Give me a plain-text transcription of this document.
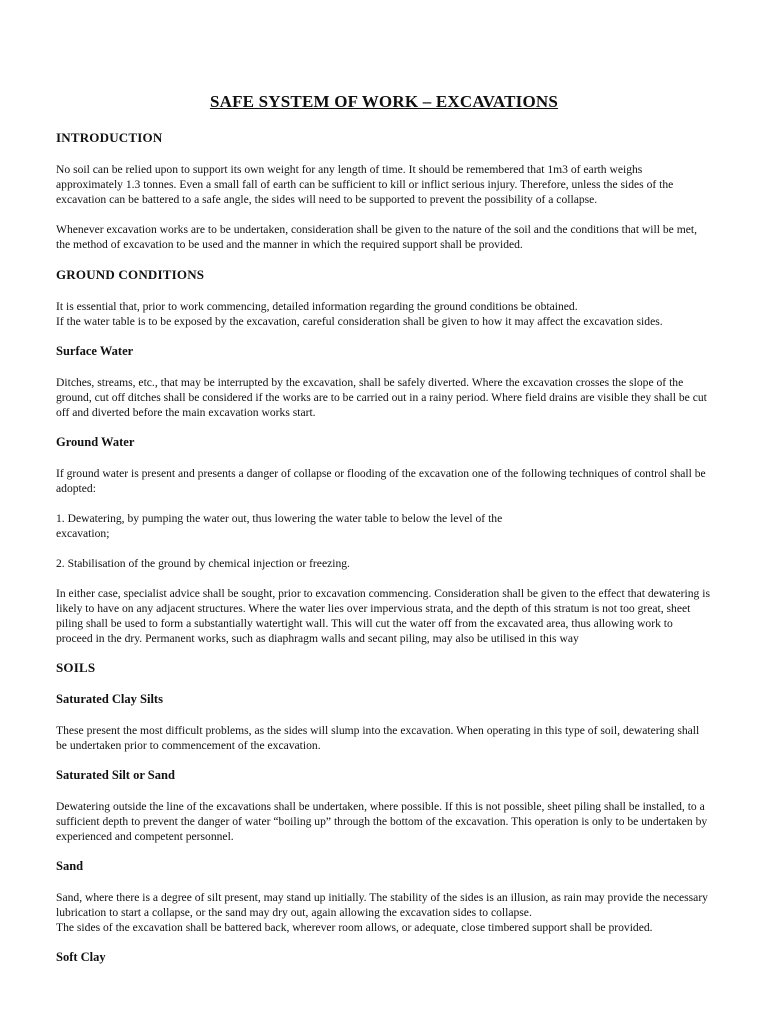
SAFE SYSTEM OF WORK – EXCAVATIONS
INTRODUCTION

No soil can be relied upon to support its own weight for any length of time. It should be remembered that 1m3 of earth weighs approximately 1.3 tonnes. Even a small fall of earth can be sufficient to kill or inflict serious injury. Therefore, unless the sides of the excavation can be battered to a safe angle, the sides will need to be supported to prevent the possibility of a collapse.

Whenever excavation works are to be undertaken, consideration shall be given to the nature of the soil and the conditions that will be met, the method of excavation to be used and the manner in which the required support shall be provided.

GROUND CONDITIONS

It is essential that, prior to work commencing, detailed information regarding the ground conditions be obtained.
If the water table is to be exposed by the excavation, careful consideration shall be given to how it may affect the excavation sides.

Surface Water

Ditches, streams, etc., that may be interrupted by the excavation, shall be safely diverted. Where the excavation crosses the slope of the ground, cut off ditches shall be considered if the works are to be carried out in a rainy period. Where field drains are visible they shall be cut off and diverted before the main excavation works start.

Ground Water

If ground water is present and presents a danger of collapse or flooding of the excavation one of the following techniques of control shall be adopted:

1. Dewatering, by pumping the water out, thus lowering the water table to below the level of the
excavation;

2. Stabilisation of the ground by chemical injection or freezing.

In either case, specialist advice shall be sought, prior to excavation commencing. Consideration shall be given to the effect that dewatering is likely to have on any adjacent structures. Where the water lies over impervious strata, and the depth of this stratum is not too great, sheet piling shall be used to form a substantially watertight wall. This will cut the water off from the excavated area, thus allowing work to proceed in the dry. Permanent works, such as diaphragm walls and secant piling, may also be utilised in this way

SOILS
Saturated Clay Silts

These present the most difficult problems, as the sides will slump into the excavation. When operating in this type of soil, dewatering shall be undertaken prior to commencement of the excavation.

Saturated Silt or Sand

Dewatering outside the line of the excavations shall be undertaken, where possible. If this is not possible, sheet piling shall be installed, to a sufficient depth to prevent the danger of water “boiling up” through the bottom of the excavation. This operation is only to be undertaken by experienced and competent personnel.

Sand

Sand, where there is a degree of silt present, may stand up initially. The stability of the sides is an illusion, as rain may provide the necessary lubrication to start a collapse, or the sand may dry out, again allowing the excavation sides to collapse.
The sides of the excavation shall be battered back, wherever room allows, or adequate, close timbered support shall be provided.

Soft Clay
